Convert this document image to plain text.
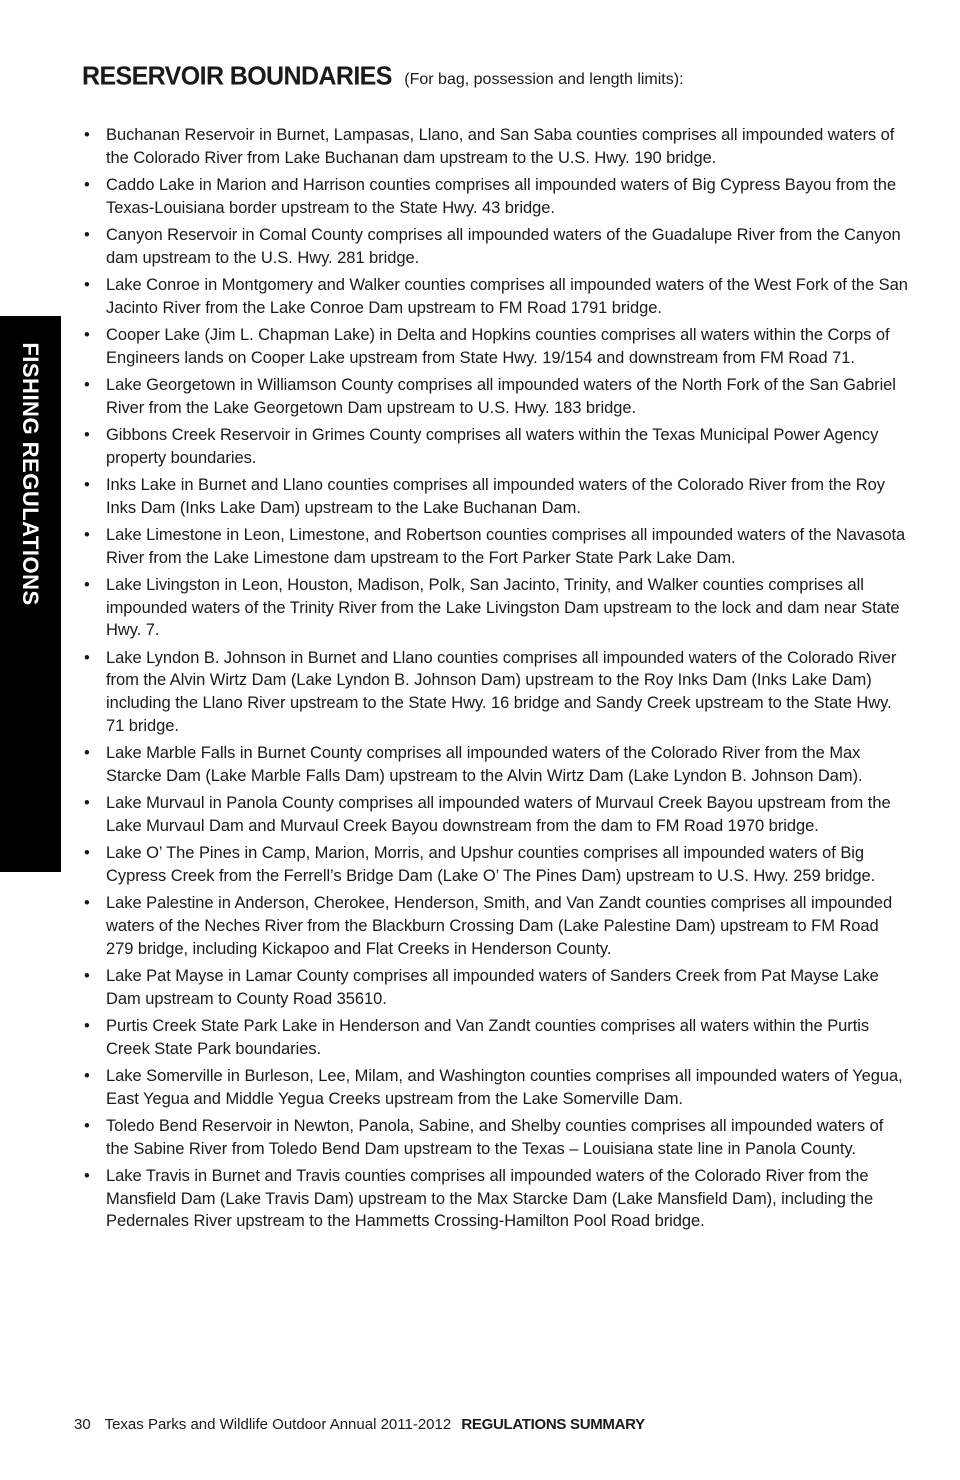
FISHING REGULATIONS
RESERVOIR BOUNDARIES (For bag, possession and length limits):
• Buchanan Reservoir in Burnet, Lampasas, Llano, and San Saba counties comprises all impounded waters of the Colorado River from Lake Buchanan dam upstream to the U.S. Hwy. 190 bridge.
• Caddo Lake in Marion and Harrison counties comprises all impounded waters of Big Cypress Bayou from the Texas-Louisiana border upstream to the State Hwy. 43 bridge.
• Canyon Reservoir in Comal County comprises all impounded waters of the Guadalupe River from the Canyon dam upstream to the U.S. Hwy. 281 bridge.
• Lake Conroe in Montgomery and Walker counties comprises all impounded waters of the West Fork of the San Jacinto River from the Lake Conroe Dam upstream to FM Road 1791 bridge.
• Cooper Lake (Jim L. Chapman Lake) in Delta and Hopkins counties comprises all waters within the Corps of Engineers lands on Cooper Lake upstream from State Hwy. 19/154 and downstream from FM Road 71.
• Lake Georgetown in Williamson County comprises all impounded waters of the North Fork of the San Gabriel River from the Lake Georgetown Dam upstream to U.S. Hwy. 183 bridge.
• Gibbons Creek Reservoir in Grimes County comprises all waters within the Texas Municipal Power Agency property boundaries.
• Inks Lake in Burnet and Llano counties comprises all impounded waters of the Colorado River from the Roy Inks Dam (Inks Lake Dam) upstream to the Lake Buchanan Dam.
• Lake Limestone in Leon, Limestone, and Robertson counties comprises all impounded waters of the Navasota River from the Lake Limestone dam upstream to the Fort Parker State Park Lake Dam.
• Lake Livingston in Leon, Houston, Madison, Polk, San Jacinto, Trinity, and Walker counties comprises all impounded waters of the Trinity River from the Lake Livingston Dam upstream to the lock and dam near State Hwy. 7.
• Lake Lyndon B. Johnson in Burnet and Llano counties comprises all impounded waters of the Colorado River from the Alvin Wirtz Dam (Lake Lyndon B. Johnson Dam) upstream to the Roy Inks Dam (Inks Lake Dam) including the Llano River upstream to the State Hwy. 16 bridge and Sandy Creek upstream to the State Hwy. 71 bridge.
• Lake Marble Falls in Burnet County comprises all impounded waters of the Colorado River from the Max Starcke Dam (Lake Marble Falls Dam) upstream to the Alvin Wirtz Dam (Lake Lyndon B. Johnson Dam).
• Lake Murvaul in Panola County comprises all impounded waters of Murvaul Creek Bayou upstream from the Lake Murvaul Dam and Murvaul Creek Bayou downstream from the dam to FM Road 1970 bridge.
• Lake O’ The Pines in Camp, Marion, Morris, and Upshur counties comprises all impounded waters of Big Cypress Creek from the Ferrell’s Bridge Dam (Lake O’ The Pines Dam) upstream to U.S. Hwy. 259 bridge.
• Lake Palestine in Anderson, Cherokee, Henderson, Smith, and Van Zandt counties comprises all impounded waters of the Neches River from the Blackburn Crossing Dam (Lake Palestine Dam) upstream to FM Road 279 bridge, including Kickapoo and Flat Creeks in Henderson County.
• Lake Pat Mayse in Lamar County comprises all impounded waters of Sanders Creek from Pat Mayse Lake Dam upstream to County Road 35610.
• Purtis Creek State Park Lake in Henderson and Van Zandt counties comprises all waters within the Purtis Creek State Park boundaries.
• Lake Somerville in Burleson, Lee, Milam, and Washington counties comprises all impounded waters of Yegua, East Yegua and Middle Yegua Creeks upstream from the Lake Somerville Dam.
• Toledo Bend Reservoir in Newton, Panola, Sabine, and Shelby counties comprises all impounded waters of the Sabine River from Toledo Bend Dam upstream to the Texas – Louisiana state line in Panola County.
• Lake Travis in Burnet and Travis counties comprises all impounded waters of the Colorado River from the Mansfield Dam (Lake Travis Dam) upstream to the Max Starcke Dam (Lake Mansfield Dam), including the Pedernales River upstream to the Hammetts Crossing-Hamilton Pool Road bridge.
30 Texas Parks and Wildlife Outdoor Annual 2011-2012 REGULATIONS SUMMARY
